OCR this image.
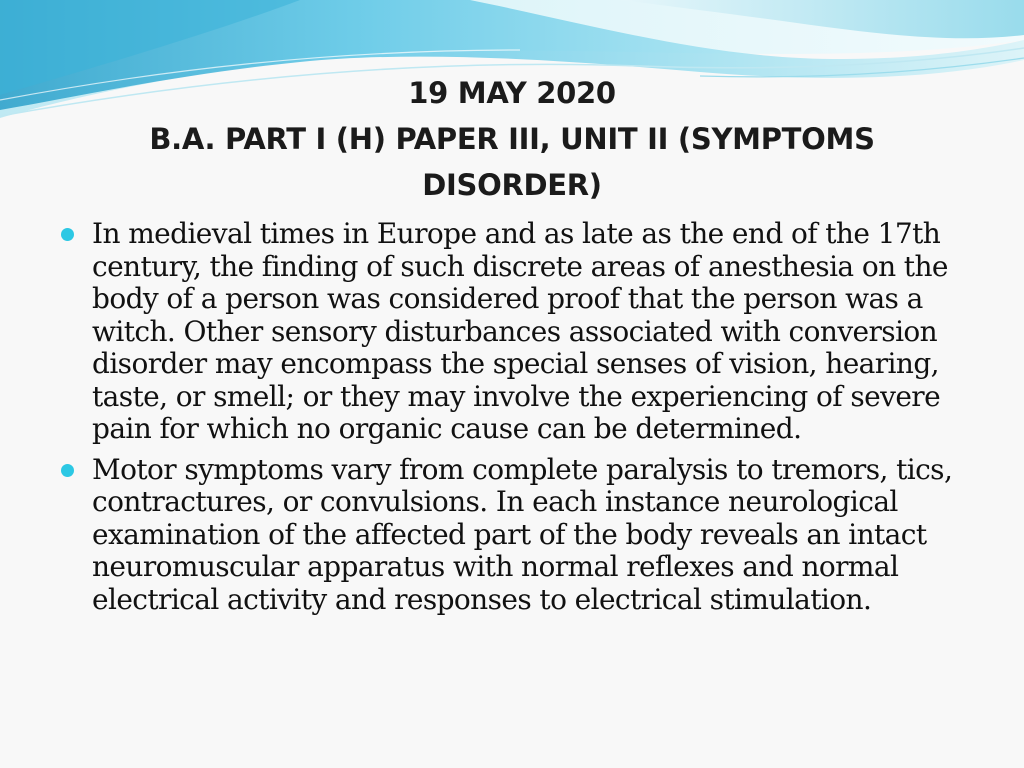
19 MAY 2020
B.A. PART I (H) PAPER III, UNIT II (SYMPTOMS
DISORDER)
In medieval times in Europe and as late as the end of the 17th century, the finding of such discrete areas of anesthesia on the body of a person was considered proof that the person was a witch. Other sensory disturbances associated with conversion disorder may encompass the special senses of vision, hearing, taste, or smell; or they may involve the experiencing of severe pain for which no organic cause can be determined.
Motor symptoms vary from complete paralysis to tremors, tics, contractures, or convulsions. In each instance neurological examination of the affected part of the body reveals an intact neuromuscular apparatus with normal reflexes and normal electrical activity and responses to electrical stimulation.
